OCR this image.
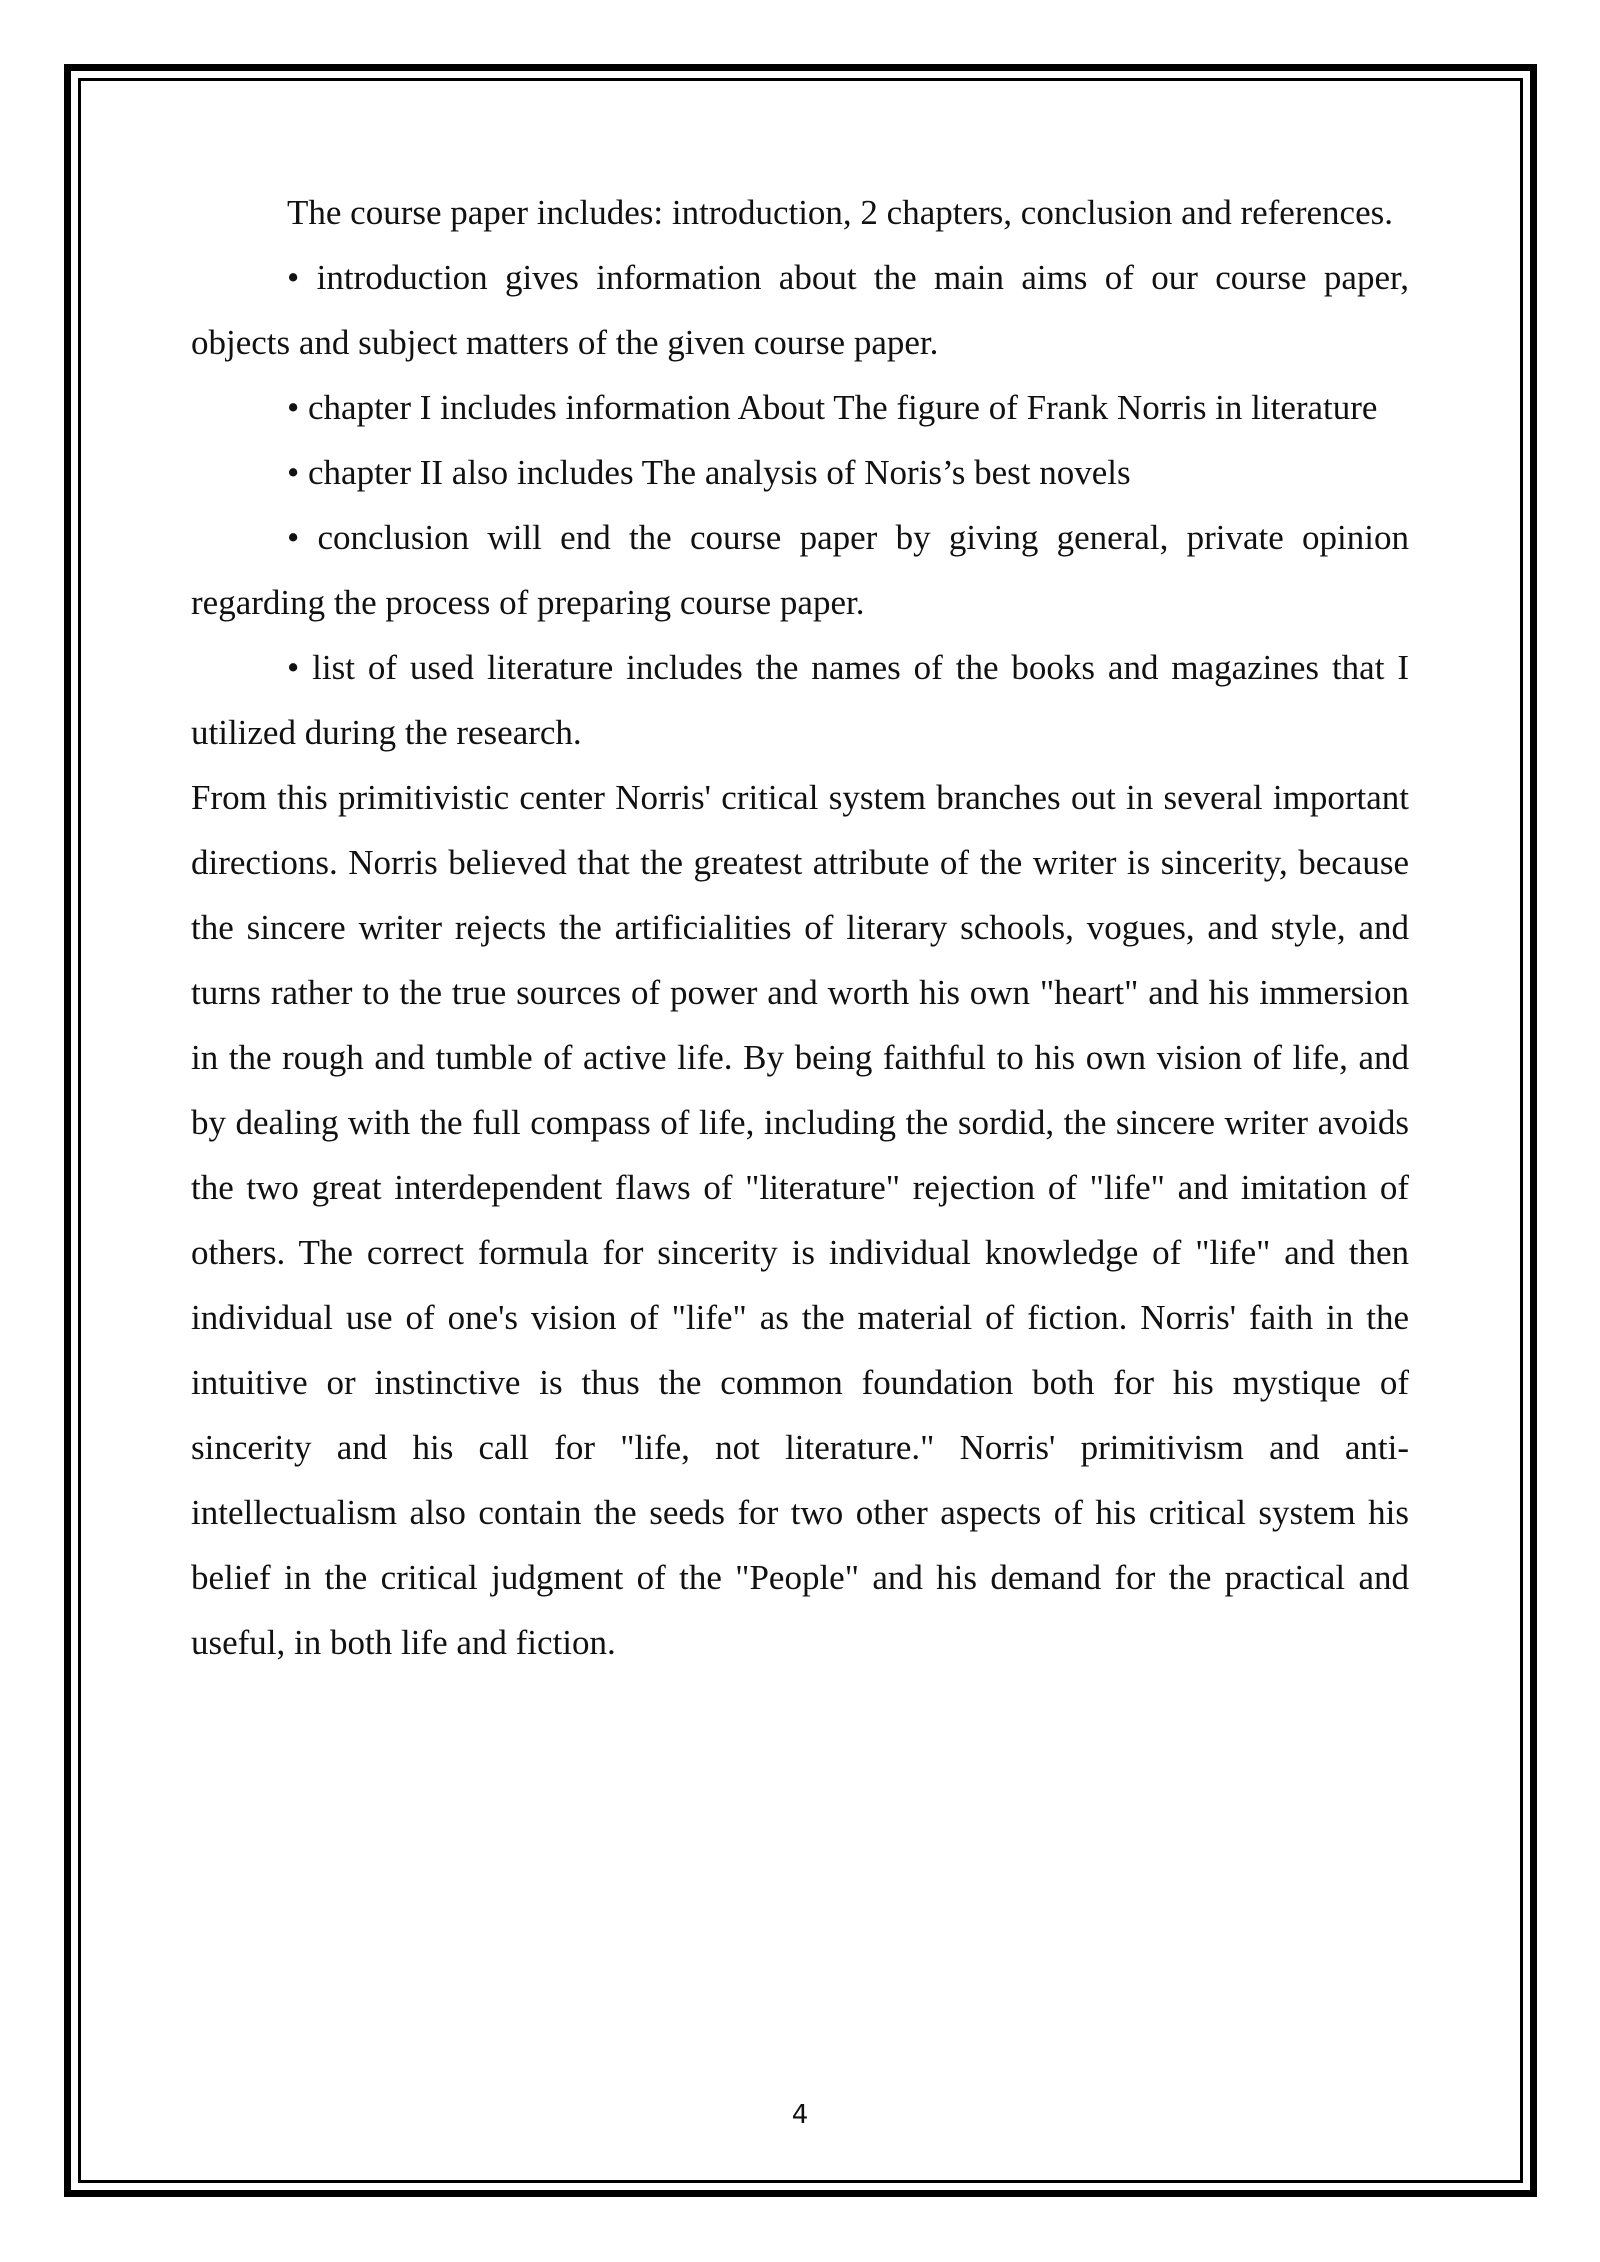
The course paper includes: introduction, 2 chapters, conclusion and references.

• introduction gives information about the main aims of our course paper, objects and subject matters of the given course paper.

• chapter I includes information About The figure of Frank Norris in literature

• chapter II also includes The analysis of Noris’s best novels

• conclusion will end the course paper by giving general, private opinion regarding the process of preparing course paper.

• list of used literature includes the names of the books and magazines that I utilized during the research.

From this primitivistic center Norris' critical system branches out in several important directions. Norris believed that the greatest attribute of the writer is sincerity, because the sincere writer rejects the artificialities of literary schools, vogues, and style, and turns rather to the true sources of power and worth his own "heart" and his immersion in the rough and tumble of active life. By being faithful to his own vision of life, and by dealing with the full compass of life, including the sordid, the sincere writer avoids the two great interdependent flaws of "literature" rejection of "life" and imitation of others. The correct formula for sincerity is individual knowledge of "life" and then individual use of one's vision of "life" as the material of fiction. Norris' faith in the intuitive or instinctive is thus the common foundation both for his mystique of sincerity and his call for "life, not literature." Norris' primitivism and anti-intellectualism also contain the seeds for two other aspects of his critical system his belief in the critical judgment of the "People" and his demand for the practical and useful, in both life and fiction.

4
